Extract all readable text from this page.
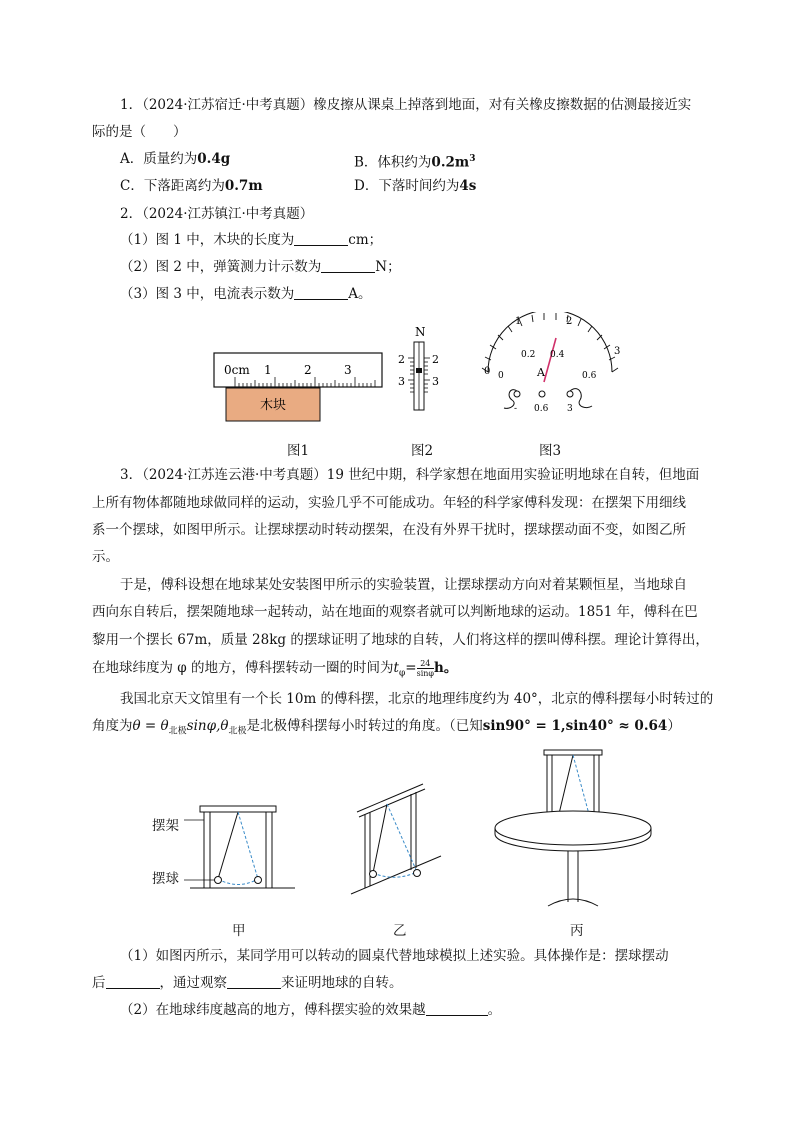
1．（2024·江苏宿迁·中考真题）橡皮擦从课桌上掉落到地面，对有关橡皮擦数据的估测最接近实
际的是（　　）
A．质量约为0.4g	B．体积约为$0.2m^3$
C．下落距离约为0.7m	D．下落时间约为4s
2．（2024·江苏镇江·中考真题）
（1）图 1 中，木块的长度为	cm；
（2）图 2 中，弹簧测力计示数为	N；
（3）图 3 中，电流表示数为	A。
0cm 1	2	3
木块
图1
N
2
3
2
3
图2
0
1	2
3
0
0.2 0.4
0.6
A
- 0.6 3
图3
3．（2024·江苏连云港·中考真题）19 世纪中期，科学家想在地面用实验证明地球在自转，但地面
上所有物体都随地球做同样的运动，实验几乎不可能成功。年轻的科学家傅科发现：在摆架下用细线
系一个摆球，如图甲所示。让摆球摆动时转动摆架，在没有外界干扰时，摆球摆动面不变，如图乙所
示。
于是，傅科设想在地球某处安装图甲所示的实验装置，让摆球摆动方向对着某颗恒星，当地球自
西向东自转后，摆架随地球一起转动，站在地面的观察者就可以判断地球的运动。1851 年，傅科在巴
黎用一个摆长 67m，质量 28kg 的摆球证明了地球的自转，人们将这样的摆叫傅科摆。理论计算得出，
在地球纬度为 φ 的地方，傅科摆转动一圈的时间为$t_\varphi= \frac{24}{\sin\varphi}$ h。
我国北京天文馆里有一个长 10m 的傅科摆，北京的地理纬度约为 40°，北京的傅科摆每小时转过的
角度为$\theta = \theta_{北极}\sin\varphi,\theta_{北极}$是北极傅科摆每小时转过的角度。（已知sin90° = 1,sin40° ≈ 0.64）
摆架
摆球
甲	乙	丙
（1）如图丙所示，某同学用可以转动的圆桌代替地球模拟上述实验。具体操作是：摆球摆动
后	，通过观察	来证明地球的自转。
（2）在地球纬度越高的地方，傅科摆实验的效果越	。
